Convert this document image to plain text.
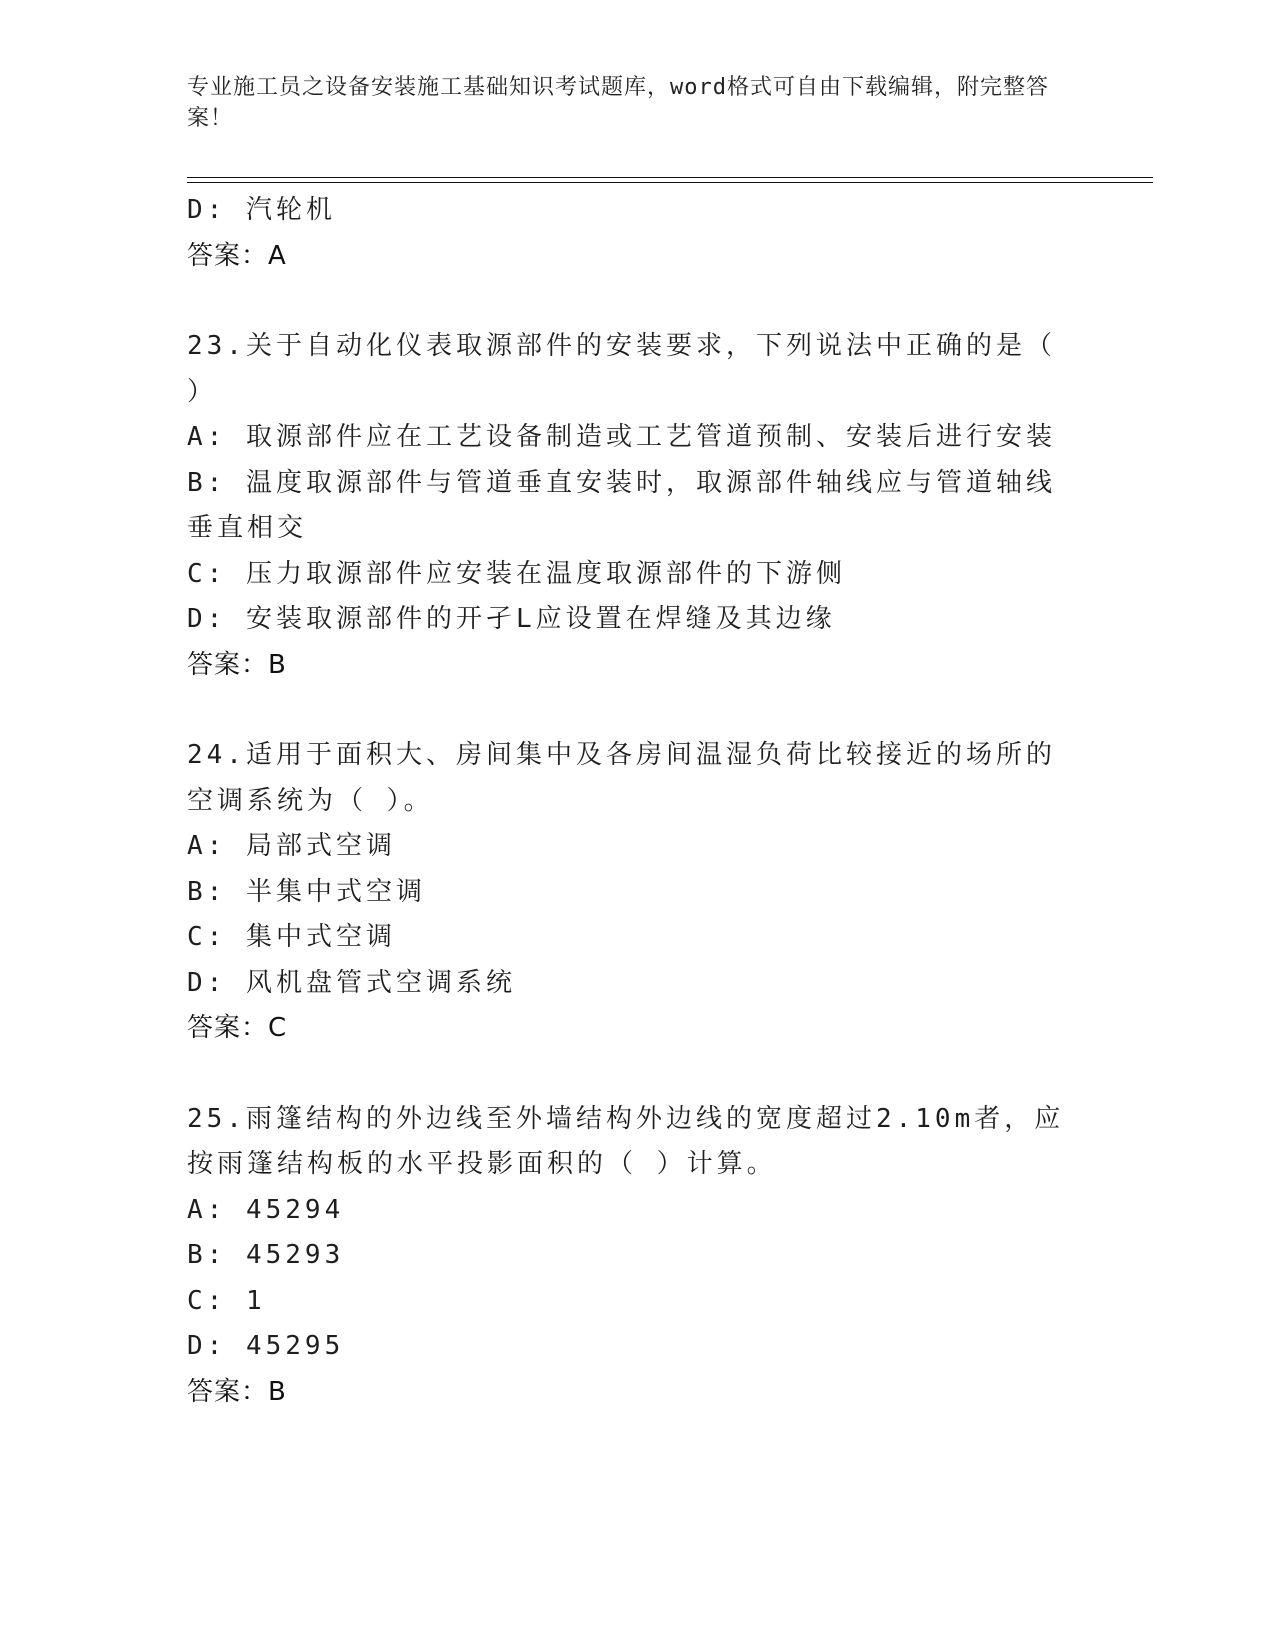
专业施工员之设备安装施工基础知识考试题库，word格式可自由下载编辑，附完整答案！
D: 汽轮机
答案：A
23.关于自动化仪表取源部件的安装要求，下列说法中正确的是（ ）
A: 取源部件应在工艺设备制造或工艺管道预制、安装后进行安装
B: 温度取源部件与管道垂直安装时，取源部件轴线应与管道轴线垂直相交
C: 压力取源部件应安装在温度取源部件的下游侧
D: 安装取源部件的开孑L应设置在焊缝及其边缘
答案：B
24.适用于面积大、房间集中及各房间温湿负荷比较接近的场所的空调系统为（ ）。
A: 局部式空调
B: 半集中式空调
C: 集中式空调
D: 风机盘管式空调系统
答案：C
25.雨篷结构的外边线至外墙结构外边线的宽度超过2.10m者，应按雨篷结构板的水平投影面积的（ ）计算。
A: 45294
B: 45293
C: 1
D: 45295
答案：B
